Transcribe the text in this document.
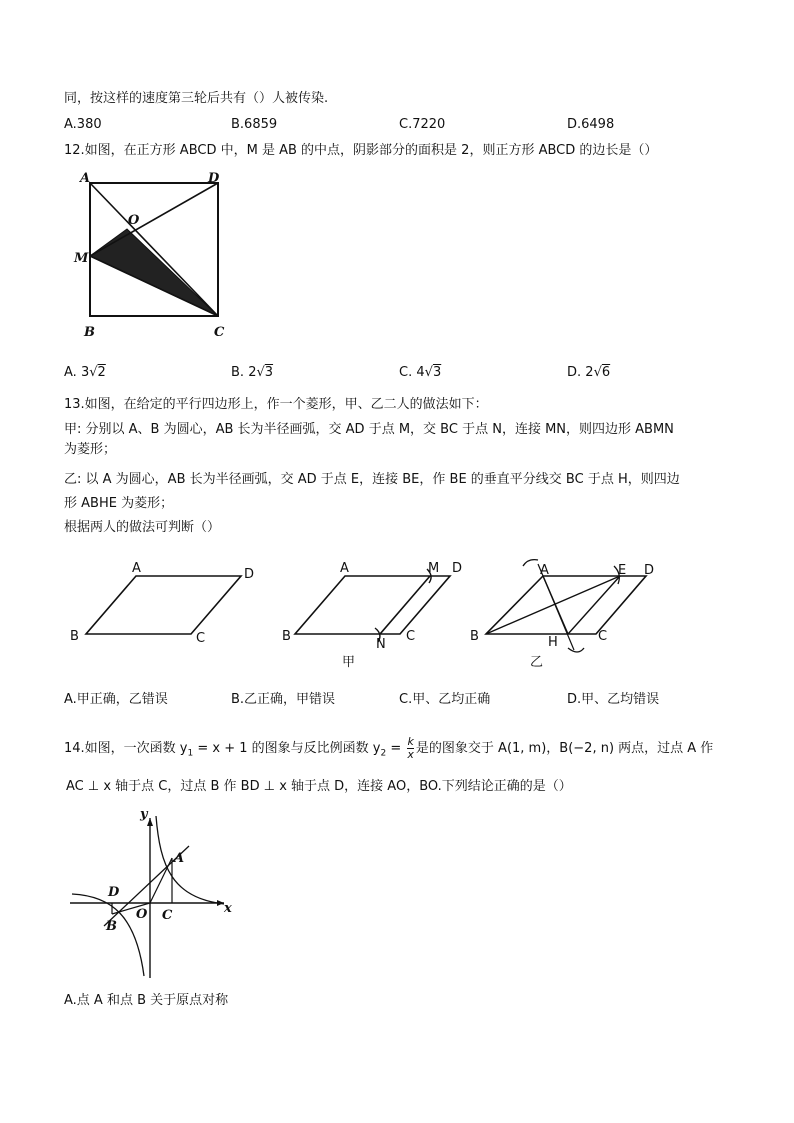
同，按这样的速度第三轮后共有（）人被传染.
A.380	B.6859	C.7220	D.6498
12.如图，在正方形 ABCD 中，M 是 AB 的中点，阴影部分的面积是 2，则正方形 ABCD 的边长是（）
A	D
O
M
B	C
A. 3√2	B. 2√3	C. 4√3	D. 2√6
13.如图，在给定的平行四边形上，作一个菱形，甲、乙二人的做法如下：
甲: 分别以 A、B 为圆心，AB 长为半径画弧，交 AD 于点 M，交 BC 于点 N，连接 MN，则四边形 ABMN
为菱形；
乙: 以 A 为圆心，AB 长为半径画弧，交 AD 于点 E，连接 BE，作 BE 的垂直平分线交 BC 于点 H，则四边
形 ABHE 为菱形；
根据两人的做法可判断（）
A	D
B	C
A	M D
B
N
C
甲
A	E D
B	H	C
乙
A.甲正确，乙错误	B.乙正确，甲错误	C.甲、乙均正确	D.甲、乙均错误
14.如图，一次函数 $y_1 = x + 1$ 的图象与反比例函数 $y_2 = \frac{k}{x}$ 是的图象交于 A(1, m)，B(−2, n) 两点，过点 A 作
AC ⊥ x 轴于点 C，过点 B 作 BD ⊥ x 轴于点 D，连接 AO，BO.下列结论正确的是（）
y
x
A
B
C
D
O
A.点 A 和点 B 关于原点对称
